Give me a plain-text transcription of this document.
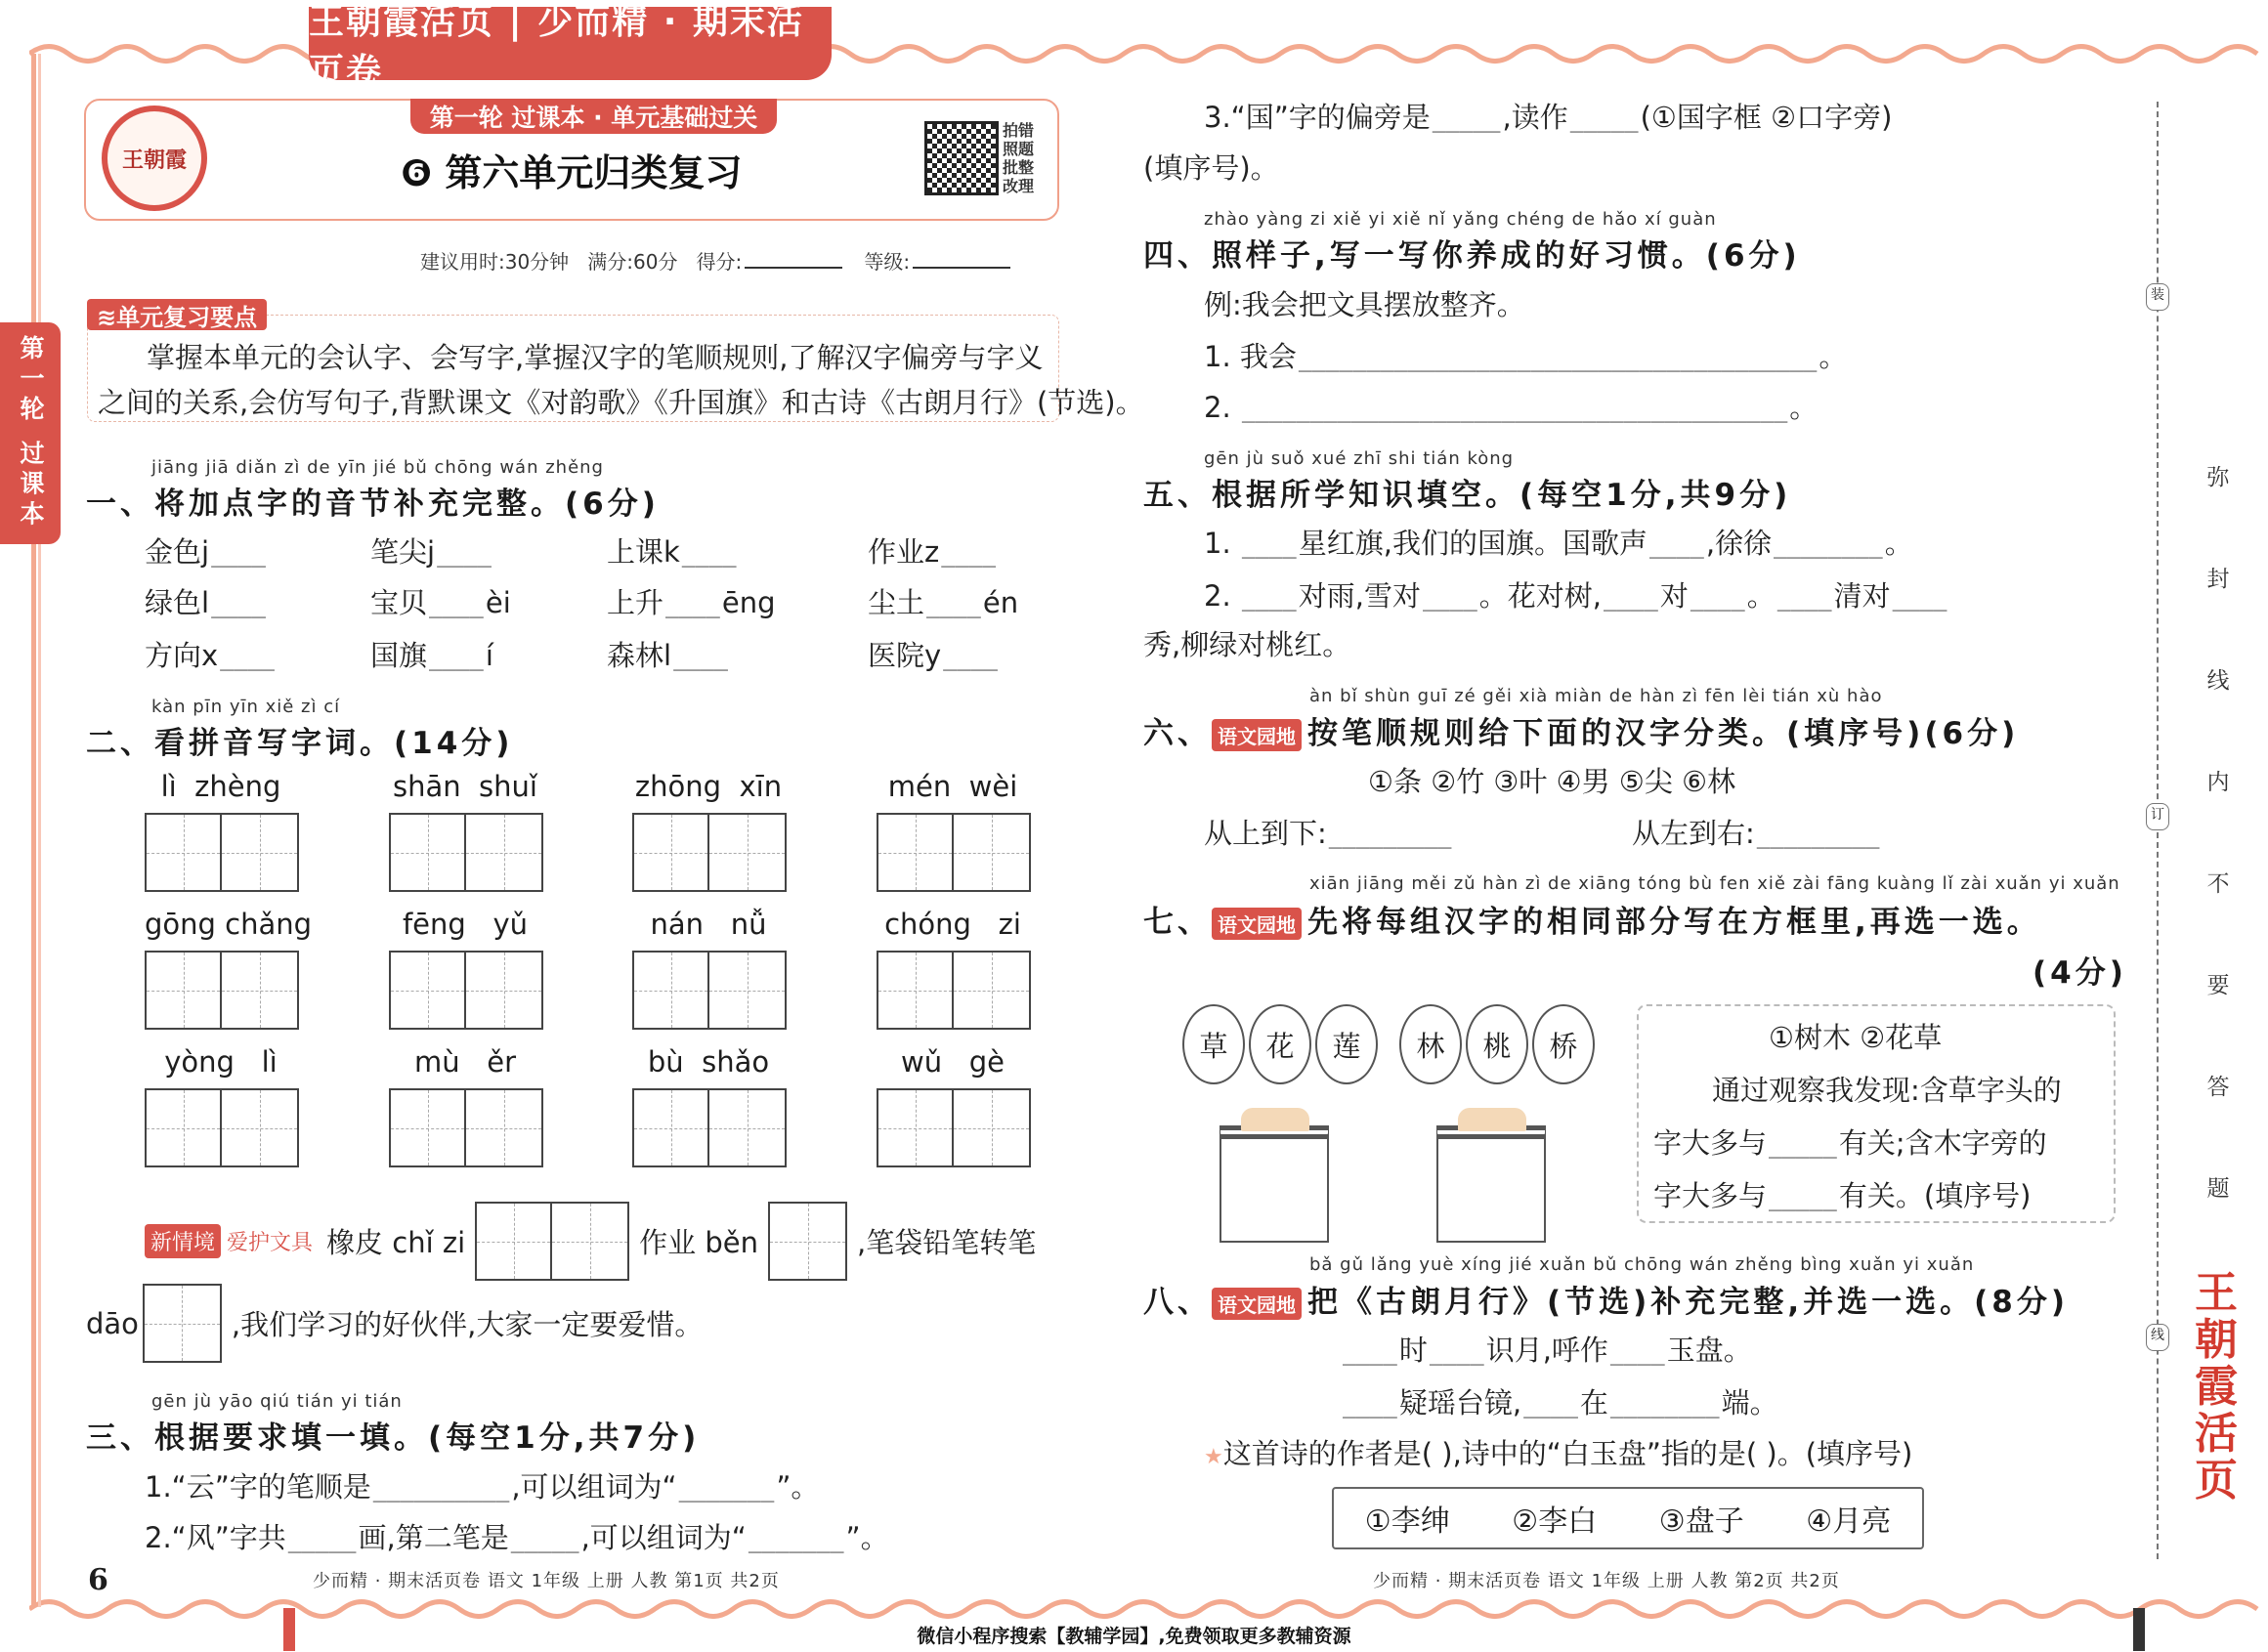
王朝霞活页 | 少而精 · 期末活页卷
第一轮 过课本 · 单元基础过关
王朝霞	❻ 第六单元归类复习
拍错照题批整改理
建议用时:30分钟 满分:60分 得分:	等级:
第一轮 过课本
≋单元复习要点
掌握本单元的会认字、会写字,掌握汉字的笔顺规则,了解汉字偏旁与字义
之间的关系,会仿写句子,背默课文《对韵歌》《升国旗》和古诗《古朗月行》(节选)。
jiāng jiā diǎn zì de yīn jié bǔ chōng wán zhěng
一、将加点字的音节补充完整。(6分)
金色j____	笔尖j____	上课k____	作业z____
绿色l____	宝贝____èi	上升____ēng	尘土____én
方向x____	国旗____í	森林l____	医院y____
kàn pīn yīn xiě zì cí
二、看拼音写字词。(14分)
lì  zhèng	shān  shuǐ	zhōng  xīn	mén  wèi
gōng chǎng	fēng   yǔ	nán   nǚ	chóng   zi
yòng   lì	mù   ěr	bù  shǎo	wǔ   gè
新情境 爱护文具 橡皮 chǐ zi	作业 běn	,笔袋铅笔转笔
dāo	,我们学习的好伙伴,大家一定要爱惜。
gēn jù yāo qiú tián yi tián
三、根据要求填一填。(每空1分,共7分)
1.“云”字的笔顺是__________,可以组词为“_______”。
2.“风”字共_____画,第二笔是_____,可以组词为“_______”。
6	少而精 · 期末活页卷 语文 1年级 上册 人教 第1页 共2页
3.“国”字的偏旁是_____,读作_____(①国字框 ②口字旁)
(填序号)。
zhào yàng zi xiě yi xiě nǐ yǎng chéng de hǎo xí guàn
四、照样子,写一写你养成的好习惯。(6分)
例:我会把文具摆放整齐。
1. 我会______________________________________。
2. ________________________________________。
gēn jù suǒ xué zhī shi tián kòng
五、根据所学知识填空。(每空1分,共9分)
1. ____星红旗,我们的国旗。国歌声____,徐徐________。
2. ____对雨,雪对____。花对树,____对____。____清对____
秀,柳绿对桃红。
àn bǐ shùn guī zé gěi xià miàn de hàn zì fēn lèi tián xù hào
六、 语文园地 按笔顺规则给下面的汉字分类。(填序号)(6分)
①条 ②竹 ③叶 ④男 ⑤尖 ⑥林
从上到下:_________	从左到右:_________
xiān jiāng měi zǔ hàn zì de xiāng tóng bù fen xiě zài fāng kuàng lǐ zài xuǎn yi xuǎn
七、 语文园地 先将每组汉字的相同部分写在方框里,再选一选。
(4分)
草	花	莲	林	桃	桥	①树木 ②花草
通过观察我发现:含草字头的
字大多与_____有关;含木字旁的
字大多与_____有关。(填序号)
bǎ gǔ lǎng yuè xíng jié xuǎn bǔ chōng wán zhěng bìng xuǎn yi xuǎn
八、 语文园地 把《古朗月行》(节选)补充完整,并选一选。(8分)
____时____识月,呼作____玉盘。
____疑瑶台镜,____在________端。
★这首诗的作者是( ),诗中的“白玉盘”指的是( )。(填序号)
①李绅 ②李白 ③盘子 ④月亮
少而精 · 期末活页卷 语文 1年级 上册 人教 第2页 共2页
装
订
线
弥
封
线
内
不
要
答
题
王朝霞活页
微信小程序搜索【教辅学园】,免费领取更多教辅资源
